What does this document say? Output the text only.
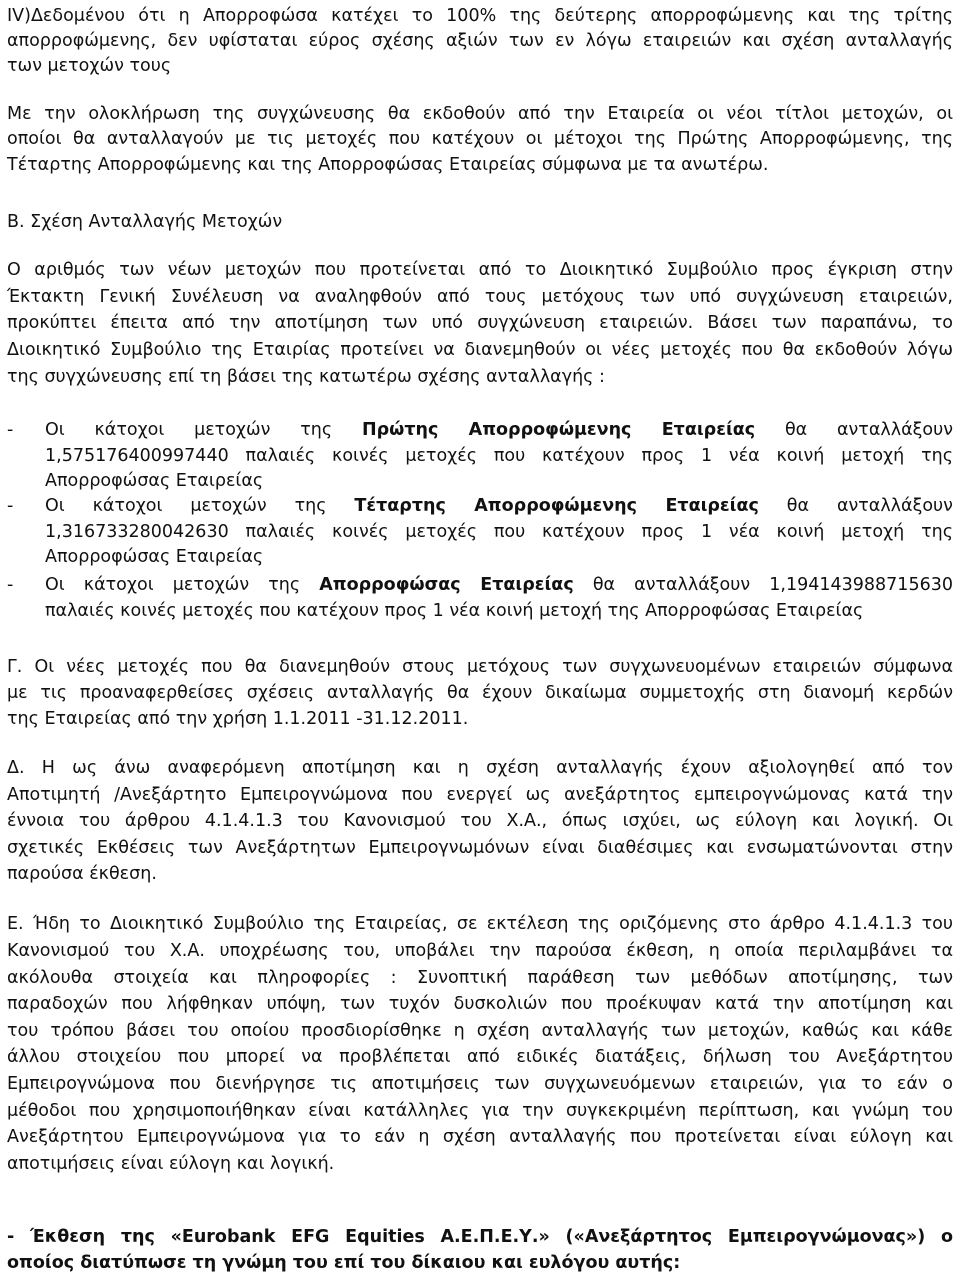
IV)Δεδομένου ότι η Απορροφώσα κατέχει το 100% της δεύτερης απορροφώμενης και της τρίτης
απορροφώμενης, δεν υφίσταται εύρος σχέσης αξιών των εν λόγω εταιρειών και σχέση ανταλλαγής
των μετοχών τους
Με την ολοκλήρωση της συγχώνευσης θα εκδοθούν από την Εταιρεία οι νέοι τίτλοι μετοχών, οι
οποίοι θα ανταλλαγούν με τις μετοχές που κατέχουν οι μέτοχοι της Πρώτης Απορροφώμενης, της
Τέταρτης Απορροφώμενης και της Απορροφώσας Εταιρείας σύμφωνα με τα ανωτέρω.
Β. Σχέση Ανταλλαγής Μετοχών
Ο αριθμός των νέων μετοχών που προτείνεται από το Διοικητικό Συμβούλιο προς έγκριση στην
Έκτακτη Γενική Συνέλευση να αναληφθούν από τους μετόχους των υπό συγχώνευση εταιρειών,
προκύπτει έπειτα από την αποτίμηση των υπό συγχώνευση εταιρειών. Βάσει των παραπάνω, το
Διοικητικό Συμβούλιο της Εταιρίας προτείνει να διανεμηθούν οι νέες μετοχές που θα εκδοθούν λόγω
της συγχώνευσης επί τη βάσει της κατωτέρω σχέσης ανταλλαγής :
-	Οι κάτοχοι μετοχών της Πρώτης Απορροφώμενης Εταιρείας θα ανταλλάξουν
1,57517640099744​0 παλαιές κοινές μετοχές που κατέχουν προς 1 νέα κοινή μετοχή της
Απορροφώσας Εταιρείας
-	Οι κάτοχοι μετοχών της Τέταρτης Απορροφώμενης Εταιρείας θα ανταλλάξουν
1,316733280042630 παλαιές κοινές μετοχές που κατέχουν προς 1 νέα κοινή μετοχή της
Απορροφώσας Εταιρείας
-	Οι κάτοχοι μετοχών της Απορροφώσας Εταιρείας θα ανταλλάξουν 1,194143988715630
παλαιές κοινές μετοχές που κατέχουν προς 1 νέα κοινή μετοχή της Απορροφώσας Εταιρείας
Γ. Οι νέες μετοχές που θα διανεμηθούν στους μετόχους των συγχωνευομένων εταιρειών σύμφωνα
με τις προαναφερθείσες σχέσεις ανταλλαγής θα έχουν δικαίωμα συμμετοχής στη διανομή κερδών
της Εταιρείας από την χρήση 1.1.2011 -31.12.2011.
Δ. Η ως άνω αναφερόμενη αποτίμηση και η σχέση ανταλλαγής έχουν αξιολογηθεί από τον
Αποτιμητή /Ανεξάρτητο Εμπειρογνώμονα που ενεργεί ως ανεξάρτητος εμπειρογνώμονας κατά την
έννοια του άρθρου 4.1.4.1.3 του Κανονισμού του Χ.Α., όπως ισχύει, ως εύλογη και λογική. Οι
σχετικές Εκθέσεις των Ανεξάρτητων Εμπειρογνωμόνων είναι διαθέσιμες και ενσωματώνονται στην
παρούσα έκθεση.
Ε. Ήδη το Διοικητικό Συμβούλιο της Εταιρείας, σε εκτέλεση της οριζόμενης στο άρθρο 4.1.4.1.3 του
Κανονισμού του Χ.Α. υποχρέωσης του, υποβάλει την παρούσα έκθεση, η οποία περιλαμβάνει τα
ακόλουθα στοιχεία και πληροφορίες : Συνοπτική παράθεση των μεθόδων αποτίμησης, των
παραδοχών που λήφθηκαν υπόψη, των τυχόν δυσκολιών που προέκυψαν κατά την αποτίμηση και
του τρόπου βάσει του οποίου προσδιορίσθηκε η σχέση ανταλλαγής των μετοχών, καθώς και κάθε
άλλου στοιχείου που μπορεί να προβλέπεται από ειδικές διατάξεις, δήλωση του Ανεξάρτητου
Εμπειρογνώμονα που διενήργησε τις αποτιμήσεις των συγχωνευόμενων εταιρειών, για το εάν ο
μέθοδοι που χρησιμοποιήθηκαν είναι κατάλληλες για την συγκεκριμένη περίπτωση, και γνώμη του
Ανεξάρτητου Εμπειρογνώμονα για το εάν η σχέση ανταλλαγής που προτείνεται είναι εύλογη και
αποτιμήσεις είναι εύλογη και λογική.
- Έκθεση της «Eurobank EFG Equities Α.Ε.Π.Ε.Υ.» («Ανεξάρτητος Εμπειρογνώμονας») ο
οποίος διατύπωσε τη γνώμη του επί του δίκαιου και ευλόγου αυτής:
